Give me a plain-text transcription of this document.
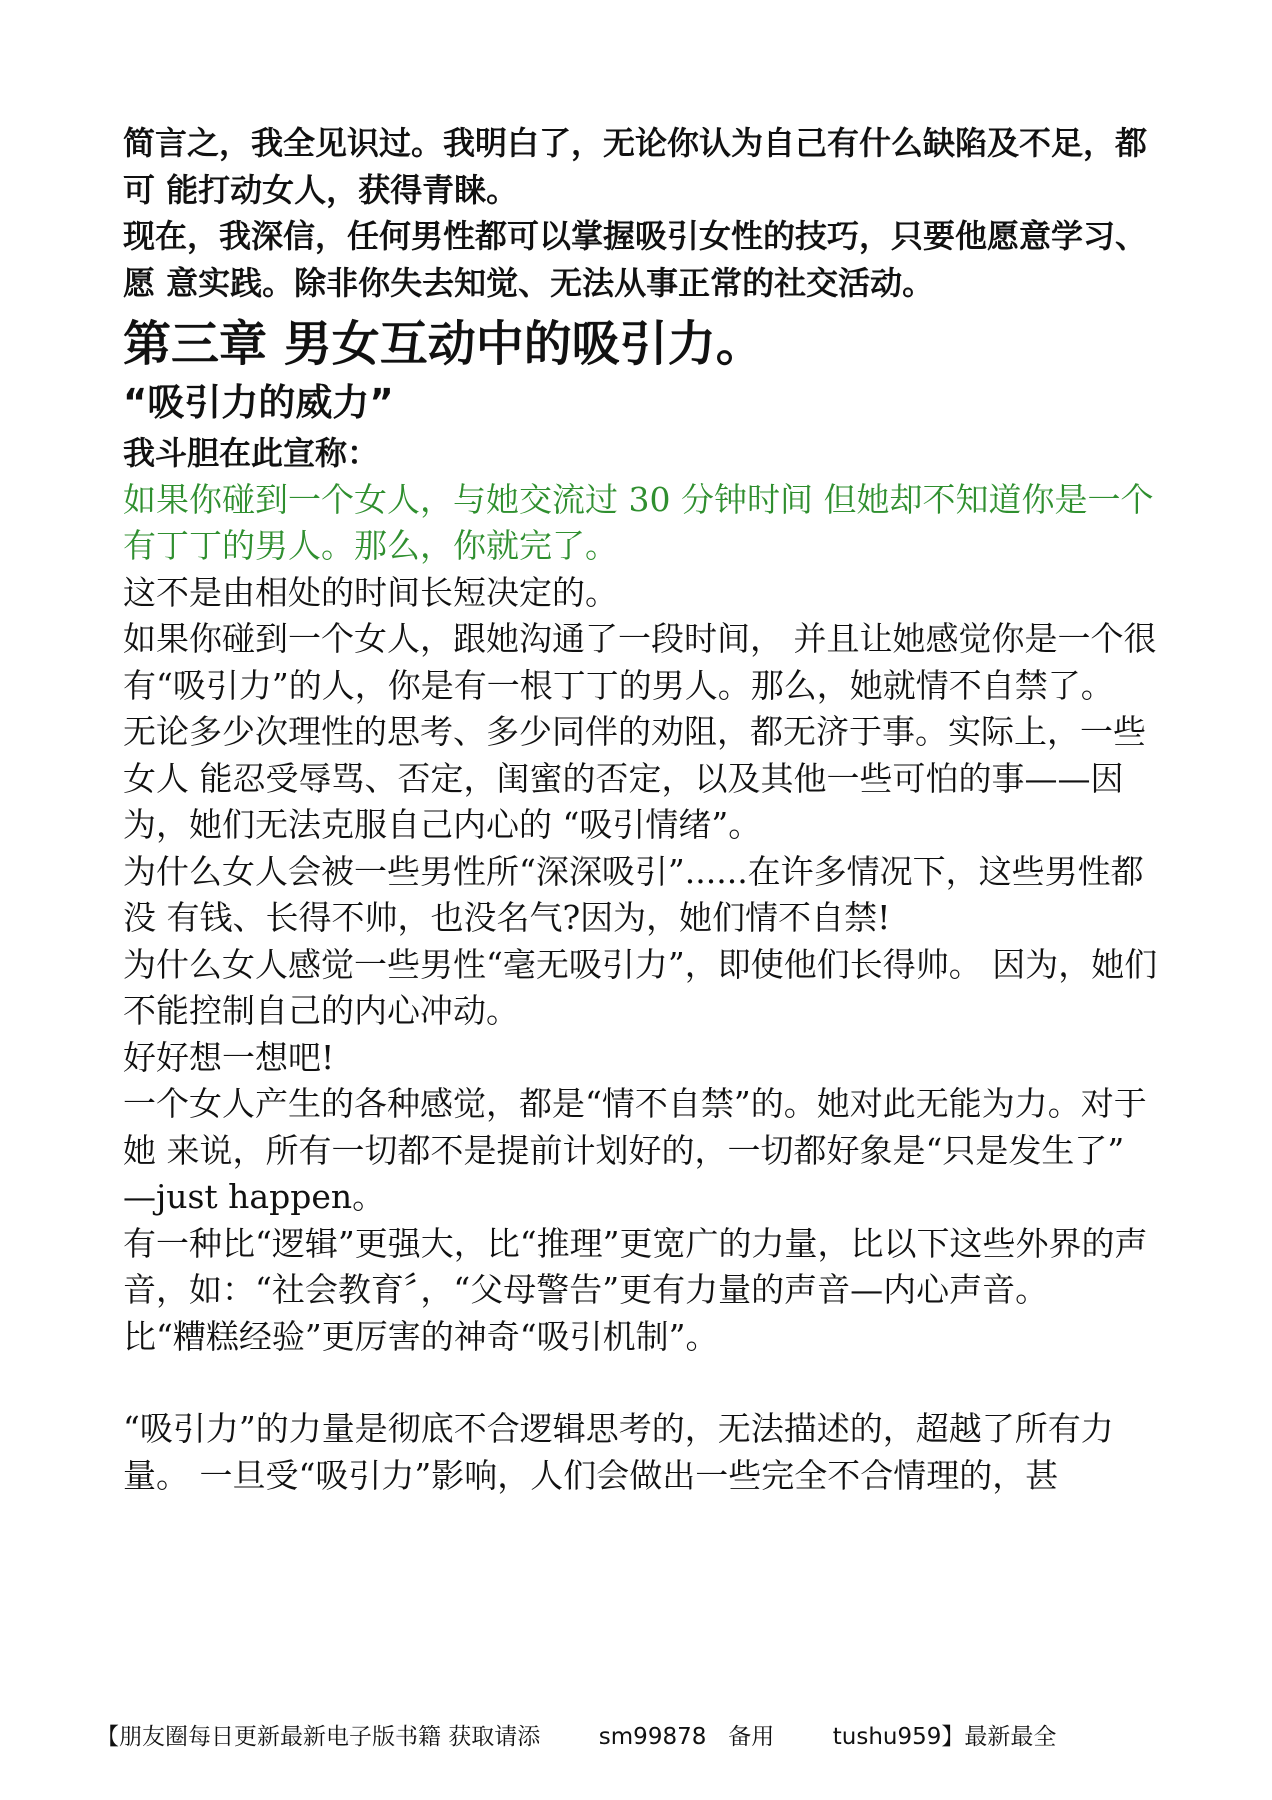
简言之，我全见识过。我明白了，无论你认为自己有什么缺陷及不足，都可 能打动女人，获得青睐。

现在，我深信，任何男性都可以掌握吸引女性的技巧，只要他愿意学习、愿 意实践。除非你失去知觉、无法从事正常的社交活动。

第三章 男女互动中的吸引力。
“吸引力的威力”

我斗胆在此宣称：

如果你碰到一个女人，与她交流过 30 分钟时间 但她却不知道你是一个有丁丁的男人。那么，你就完了。

这不是由相处的时间长短决定的。

如果你碰到一个女人，跟她沟通了一段时间， 并且让她感觉你是一个很有“吸引力”的人，你是有一根丁丁的男人。那么，她就情不自禁了。

无论多少次理性的思考、多少同伴的劝阻，都无济于事。实际上，一些女人 能忍受辱骂、否定，闺蜜的否定，以及其他一些可怕的事——因为，她们无法克服自己内心的 “吸引情绪”。

为什么女人会被一些男性所“深深吸引”......在许多情况下，这些男性都没 有钱、长得不帅，也没名气?因为，她们情不自禁!

为什么女人感觉一些男性“毫无吸引力”，即使他们长得帅。 因为，她们不能控制自己的内心冲动。

好好想一想吧!

一个女人产生的各种感觉，都是“情不自禁”的。她对此无能为力。对于她 来说，所有一切都不是提前计划好的，一切都好象是“只是发生了” —just happen。

有一种比“逻辑”更强大，比“推理”更宽广的力量，比以下这些外界的声音，如：“社会教育〞，“父母警告”更有力量的声音—内心声音。

比“糟糕经验”更厉害的神奇“吸引机制”。

“吸引力”的力量是彻底不合逻辑思考的，无法描述的，超越了所有力量。 一旦受“吸引力”影响，人们会做出一些完全不合情理的，甚

【朋友圈每日更新最新电子版书籍 获取请添        sm99878   备用        tushu959】最新最全
